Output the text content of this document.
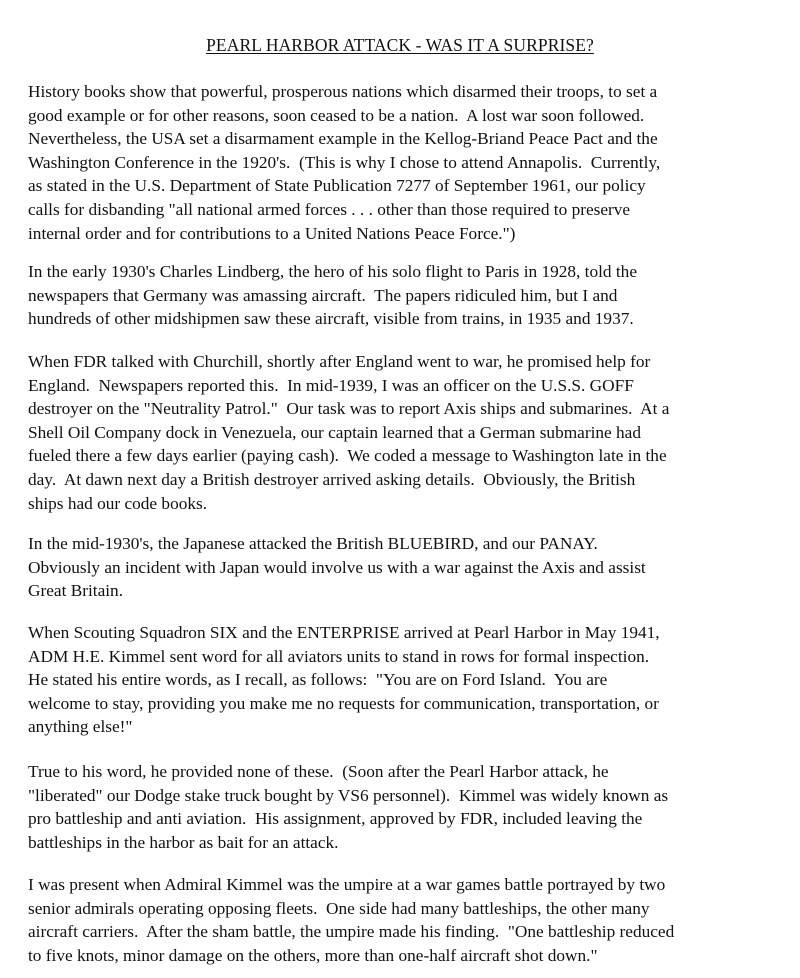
PEARL HARBOR ATTACK - WAS IT A SURPRISE?
History books show that powerful, prosperous nations which disarmed their troops, to set a
good example or for other reasons, soon ceased to be a nation.  A lost war soon followed.
Nevertheless, the USA set a disarmament example in the Kellog-Briand Peace Pact and the
Washington Conference in the 1920's.  (This is why I chose to attend Annapolis.  Currently,
as stated in the U.S. Department of State Publication 7277 of September 1961, our policy
calls for disbanding "all national armed forces . . . other than those required to preserve
internal order and for contributions to a United Nations Peace Force.")
In the early 1930's Charles Lindberg, the hero of his solo flight to Paris in 1928, told the
newspapers that Germany was amassing aircraft.  The papers ridiculed him, but I and
hundreds of other midshipmen saw these aircraft, visible from trains, in 1935 and 1937.
When FDR talked with Churchill, shortly after England went to war, he promised help for
England.  Newspapers reported this.  In mid-1939, I was an officer on the U.S.S. GOFF
destroyer on the "Neutrality Patrol."  Our task was to report Axis ships and submarines.  At a
Shell Oil Company dock in Venezuela, our captain learned that a German submarine had
fueled there a few days earlier (paying cash).  We coded a message to Washington late in the
day.  At dawn next day a British destroyer arrived asking details.  Obviously, the British
ships had our code books.
In the mid-1930's, the Japanese attacked the British BLUEBIRD, and our PANAY.
Obviously an incident with Japan would involve us with a war against the Axis and assist
Great Britain.
When Scouting Squadron SIX and the ENTERPRISE arrived at Pearl Harbor in May 1941,
ADM H.E. Kimmel sent word for all aviators units to stand in rows for formal inspection.
He stated his entire words, as I recall, as follows:  "You are on Ford Island.  You are
welcome to stay, providing you make me no requests for communication, transportation, or
anything else!"
True to his word, he provided none of these.  (Soon after the Pearl Harbor attack, he
"liberated" our Dodge stake truck bought by VS6 personnel).  Kimmel was widely known as
pro battleship and anti aviation.  His assignment, approved by FDR, included leaving the
battleships in the harbor as bait for an attack.
I was present when Admiral Kimmel was the umpire at a war games battle portrayed by two
senior admirals operating opposing fleets.  One side had many battleships, the other many
aircraft carriers.  After the sham battle, the umpire made his finding.  "One battleship reduced
to five knots, minor damage on the others, more than one-half aircraft shot down."
